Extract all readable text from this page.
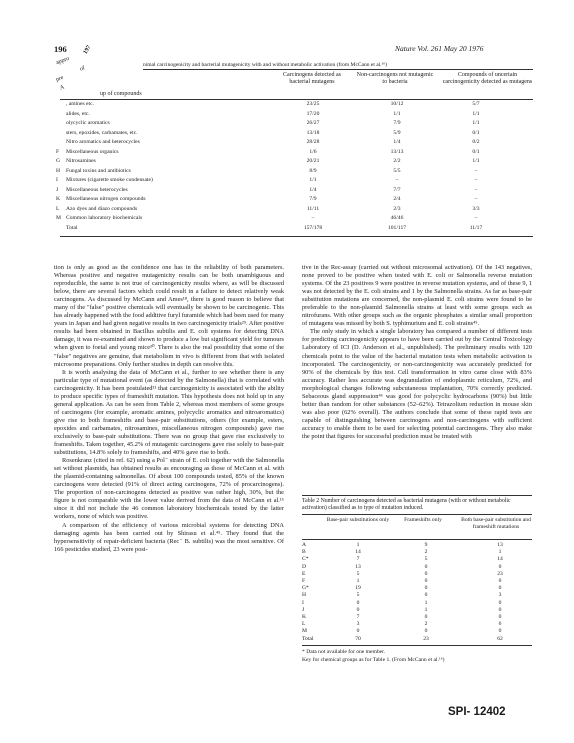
196	197	Nature Vol. 261 May 20 1976
appro
of
pre
A
nimal carcinogenicity and bacterial mutagenicity with and without metabolic activation (from McCann et al.¹⁶)
Carcinogens detected as bacterial mutagens
Non-carcinogens not mutagenic to bacteria
Compounds of uncertain carcinogenicity detected as mutagens
up of compounds
, amines etc.	23/25	10/12	5/7
alides, etc.	17/20	1/1	1/1
olycyclic aromatics	26/27	7/9	1/1
sters, epoxides, carbamates, etc.	13/18	5/9	0/1
Nitro aromatics and heterocycles	28/28	1/4	0/2
F	Miscellaneous organics	1/6	13/13	0/1
G	Nitrosamines	20/21	2/2	1/1
H	Fungal toxins and antibiotics	8/9	5/5	–
I	Mixtures (cigarette smoke condensate)	1/1	–	–
J	Miscellaneous heterocycles	1/4	7/7	–
K	Miscellaneous nitrogen compounds	7/9	2/4	–
L	Azo dyes and diazo compounds	11/11	2/3	3/3
M Common laboratory biochemicals	–	46/46	–
Total	157/178	101/117	11/17

tion is only as good as the confidence one has in the reliability of both parameters. Whereas positive and negative mutagenicity results can be both unambiguous and reproducible, the same is not true of carcinogenicity results where, as will be discussed below, there are several factors which could result in a failure to detect relatively weak carcinogens. As discussed by McCann and Ames¹⁸, there is good reason to believe that many of the "false" positive chemicals will eventually be shown to be carcinogenic. This has already happened with the food additive furyl furamide which had been used for many years in Japan and had given negative results in two carcinogenicity trials²⁹. After positive results had been obtained in Bacillus subtilis and E. coli systems for detecting DNA damage, it was re-examined and shown to produce a low but significant yield for tumours when given to foetal and young mice³⁰. There is also the real possibility that some of the "false" negatives are genuine, that metabolism in vivo is different from that with isolated microsome preparations. Only further studies in depth can resolve this.

It is worth analysing the data of McCann et al., further to see whether there is any particular type of mutational event (as detected by the Salmonella) that is correlated with carcinogenicity. It has been postulated³¹ that carcinogenicity is associated with the ability to produce specific types of frameshift mutation. This hypothesis does not hold up in any general application. As can be seen from Table 2, whereas most members of some groups of carcinogens (for example, aromatic amines, polycyclic aromatics and nitroaromatics) give rise to both frameshifts and base-pair substitutions, others (for example, esters, epoxides and carbamates, nitrosamines, miscellaneous nitrogen compounds) gave rise exclusively to base-pair substitutions. There was no group that gave rise exclusively to frameshifts. Taken together, 45.2% of mutagenic carcinogens gave rise solely to base-pair substitutions, 14.8% solely to frameshifts, and 40% gave rise to both.

Rosenkranz (cited in ref. 62) using a Pol⁻ strain of E. coli together with the Salmonella set without plasmids, has obtained results as encouraging as those of McCann et al. with the plasmid-containing salmonellas. Of about 100 compounds tested, 85% of the known carcinogens were detected (91% of direct acting carcinogens, 72% of procarcinogens). The proportion of non-carcinogens detected as positive was rather high, 30%, but the figure is not comparable with the lower value derived from the data of McCann et al.¹⁶ since it did not include the 46 common laboratory biochemicals tested by the latter workers, none of which was positive.

A comparison of the efficiency of various microbial systems for detecting DNA damaging agents has been carried out by Shirasu et al.⁴⁵. They found that the hypersensitivity of repair-deficient bacteria (Rec⁻ B. subtilis) was the most sensitive. Of 166 pesticides studied, 23 were posi-

tive in the Rec-assay (carried out without microsomal activation). Of the 143 negatives, none proved to be positive when tested with E. coli or Salmonella reverse mutation systems. Of the 23 positives 9 were positive in reverse mutation systems, and of these 9, 1 was not detected by the E. coli strains and 1 by the Salmonella strains. As far as base-pair substitution mutations are concerned, the non-plasmid E. coli strains were found to be preferable to the non-plasmid Salmonella strains at least with some groups such as nitrofurans. With other groups such as the organic phosphates a similar small proportion of mutagens was missed by both S. typhimurium and E. coli strains⁴⁵.

The only study in which a single laboratory has compared a number of different tests for predicting carcinogenicity appears to have been carried out by the Central Toxicology Laboratory of ICI (D. Anderson et al., unpublished). The preliminary results with 120 chemicals point to the value of the bacterial mutation tests when metabolic activation is incorporated. The carcinogenicity, or non-carcinogenicity was accurately predicted for 90% of the chemicals by this test. Cell transformation in vitro came close with 83% accuracy. Rather less accurate was degranulation of endoplasmic reticulum, 72%, and morphological changes following subcutaneous implantation, 70% correctly predicted. Sebaceous gland suppression⁴⁶ was good for polycyclic hydrocarbons (90%) but little better than random for other substances (52–62%). Tetrazolium reduction in mouse skin was also poor (62% overall). The authors conclude that some of these rapid tests are capable of distinguishing between carcinogens and non-carcinogens with sufficient accuracy to enable them to be used for selecting potential carcinogens. They also make the point that figures for successful prediction must be treated with

Table 2 Number of carcinogens detected as bacterial mutagens (with or without metabolic activation) classified as to type of mutation induced.
Base-pair substitutions only	Frameshifts only	Both base-pair substitution and frameshift mutations
A	1	9	13
B	14	2	1
C*	7	5	14
D	13	0	0
E	5	0	23
F	1	0	0
G*	19	0	0
H	5	0	3
I	0	1	0
J	0	1	0
K	7	0	0
L	3	2	6
M	0	0	0
Total	70	23	62
* Data not available for one member.
Key for chemical groups as for Table 1. (From McCann et al.¹⁶)
SPI- 12402
